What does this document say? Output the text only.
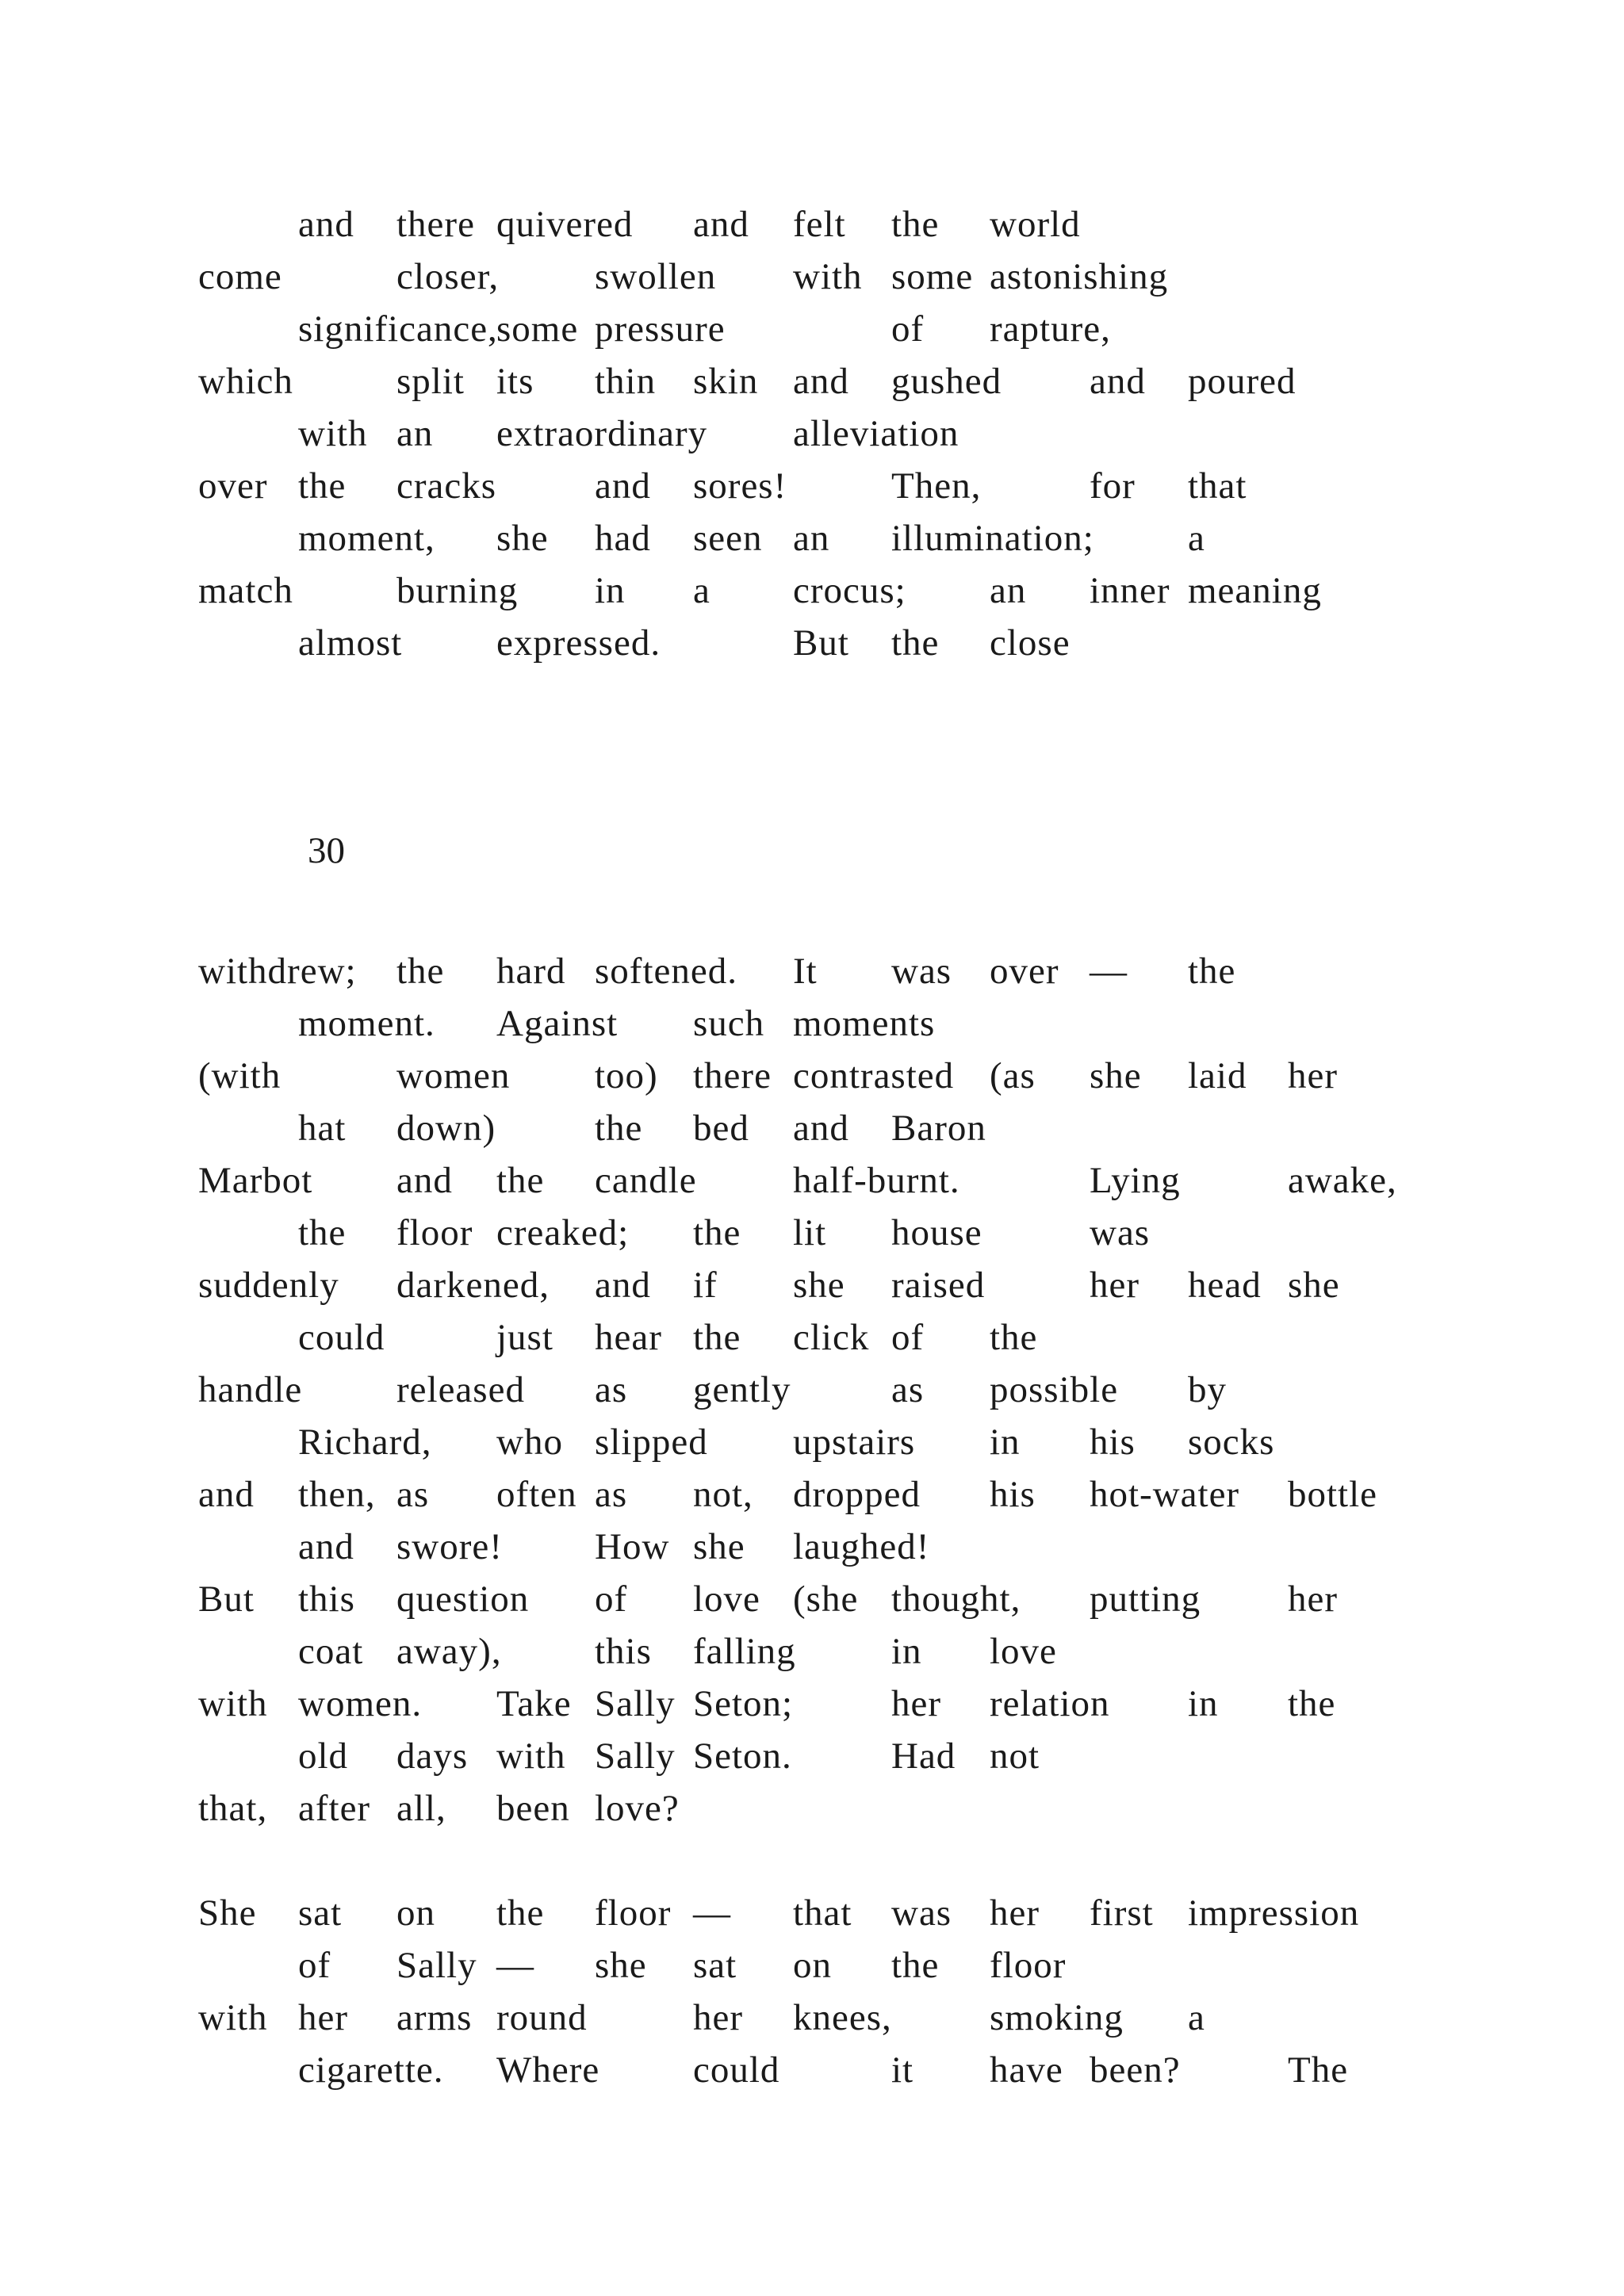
and there quivered and felt the world
come	closer,	swollen with some astonishing
significance,
some pressure	of rapture,
which	split its thin skin and gushed and poured
with an extraordinary alleviation
over the cracks	and sores!	Then,	for that
moment, she had seen an illumination;	a
match	burning in a crocus; an inner meaning
almost	expressed.	But the close
withdrew; the hard softened. It was over — the
moment. Against such moments
(with	women too) there contrasted (as she laid her
hat down)	the bed and Baron
Marbot and the candle	half-burnt.	Lying	awake,
the floor creaked; the lit house	was
suddenly darkened, and if she raised	her head she
could	just hear the click of the
handle	released as gently	as possible by
Richard, who slipped upstairs in his socks
and then, as often as not, dropped his hot-water bottle
and swore! How she laughed!
But this question of love (she thought, putting her
coat away), this falling	in love
with women. Take Sally Seton;	her relation in the
old days with Sally Seton.	Had not
that, after all, been love?
She sat on the floor — that was her first impression
of Sally — she sat on the floor
with her arms round	her knees,	smoking a
cigarette. Where	could	it have been?	The
30
